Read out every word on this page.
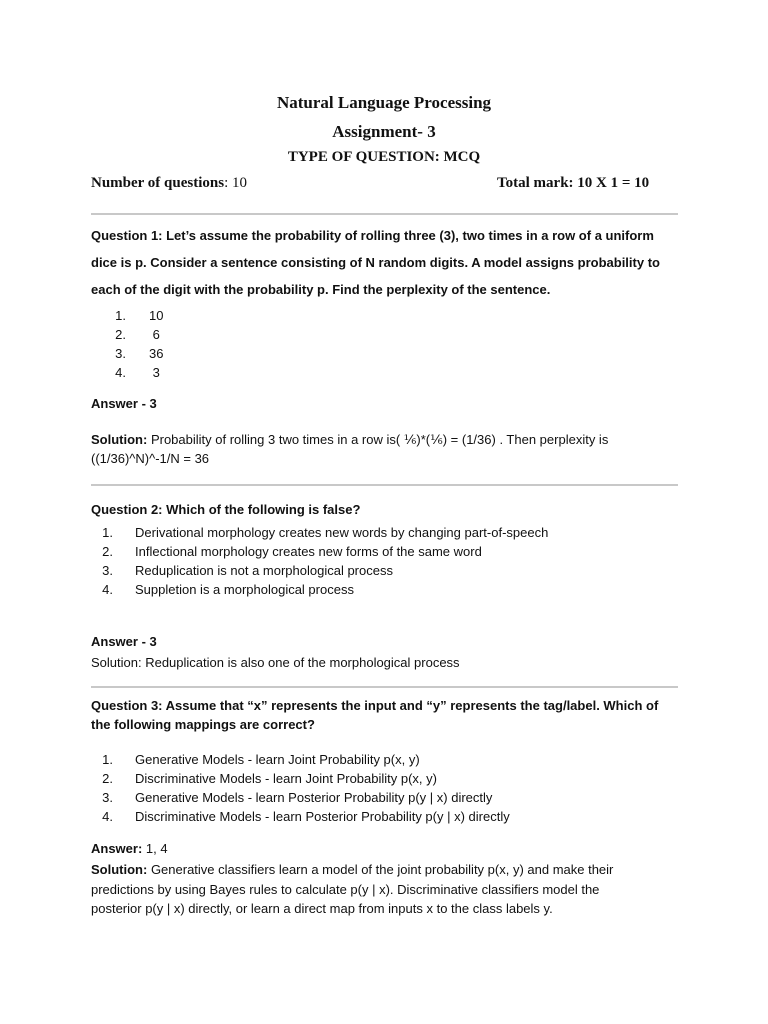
Natural Language Processing
Assignment- 3
TYPE OF QUESTION: MCQ
Number of questions: 10	Total mark: 10 X 1 = 10
Question 1: Let’s assume the probability of rolling three (3), two times in a row of a uniform dice is p. Consider a sentence consisting of N random digits. A model assigns probability to each of the digit with the probability p. Find the perplexity of the sentence.
1. 10
2. 6
3. 36
4. 3
Answer - 3
Solution: Probability of rolling 3 two times in a row is( ⅙)*(⅙) = (1/36) . Then perplexity is ((1/36)^N)^-1/N = 36
Question 2: Which of the following is false?
1. Derivational morphology creates new words by changing part-of-speech
2. Inflectional morphology creates new forms of the same word
3. Reduplication is not a morphological process
4. Suppletion is a morphological process
Answer - 3
Solution: Reduplication is also one of the morphological process
Question 3: Assume that “x” represents the input and “y” represents the tag/label. Which of the following mappings are correct?
1. Generative Models - learn Joint Probability p(x, y)
2. Discriminative Models - learn Joint Probability p(x, y)
3. Generative Models - learn Posterior Probability p(y | x) directly
4. Discriminative Models - learn Posterior Probability p(y | x) directly
Answer: 1, 4
Solution: Generative classifiers learn a model of the joint probability p(x, y) and make their predictions by using Bayes rules to calculate p(y | x). Discriminative classifiers model the posterior p(y | x) directly, or learn a direct map from inputs x to the class labels y.
